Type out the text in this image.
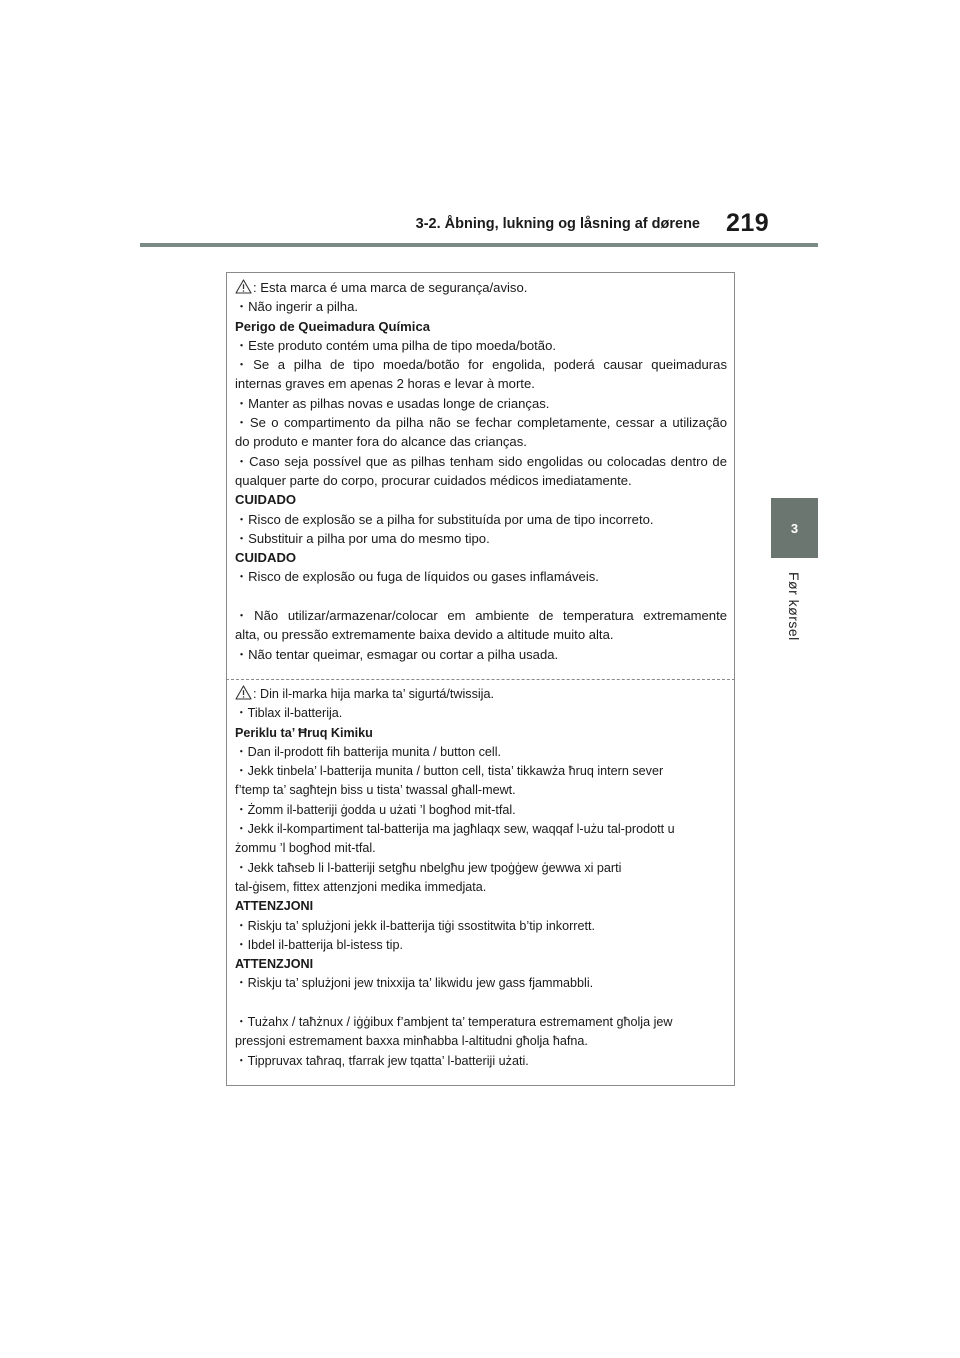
3-2. Åbning, lukning og låsning af dørene 219
3
Før kørsel
: Esta marca é uma marca de segurança/aviso.
・Não ingerir a pilha.
Perigo de Queimadura Química
・Este produto contém uma pilha de tipo moeda/botão.
・Se a pilha de tipo moeda/botão for engolida, poderá causar queimaduras
internas graves em apenas 2 horas e levar à morte.
・Manter as pilhas novas e usadas longe de crianças.
・Se o compartimento da pilha não se fechar completamente, cessar a utilização
do produto e manter fora do alcance das crianças.
・Caso seja possível que as pilhas tenham sido engolidas ou colocadas dentro de
qualquer parte do corpo, procurar cuidados médicos imediatamente.
CUIDADO
・Risco de explosão se a pilha for substituída por uma de tipo incorreto.
・Substituir a pilha por uma do mesmo tipo.
CUIDADO
・Risco de explosão ou fuga de líquidos ou gases inflamáveis.
・Não utilizar/armazenar/colocar em ambiente de temperatura extremamente
alta, ou pressão extremamente baixa devido a altitude muito alta.
・Não tentar queimar, esmagar ou cortar a pilha usada.
: Din il-marka hija marka ta’ sigurtá/twissija.
・Tiblax il-batterija.
Periklu ta’ Ħruq Kimiku
・Dan il-prodott fih batterija munita / button cell.
・Jekk tinbela’ l-batterija munita / button cell, tista’ tikkawża ħruq intern sever
f’temp ta’ sagħtejn biss u tista’ twassal għall-mewt.
・Żomm il-batteriji ġodda u użati ’l bogħod mit-tfal.
・Jekk il-kompartiment tal-batterija ma jagħlaqx sew, waqqaf l-użu tal-prodott u
żommu ’l bogħod mit-tfal.
・Jekk taħseb li l-batteriji setgħu nbelgħu jew tpoġġew ġewwa xi parti
tal-ġisem, fittex attenzjoni medika immedjata.
ATTENZJONI
・Riskju ta’ splużjoni jekk il-batterija tiġi ssostitwita b’tip inkorrett.
・Ibdel il-batterija bl-istess tip.
ATTENZJONI
・Riskju ta’ splużjoni jew tnixxija ta’ likwidu jew gass fjammabbli.
・Tużahx / taħżnux / iġġibux f’ambjent ta’ temperatura estremament għolja jew
pressjoni estremament baxxa minħabba l-altitudni għolja ħafna.
・Tippruvax taħraq, tfarrak jew tqatta’ l-batteriji użati.
